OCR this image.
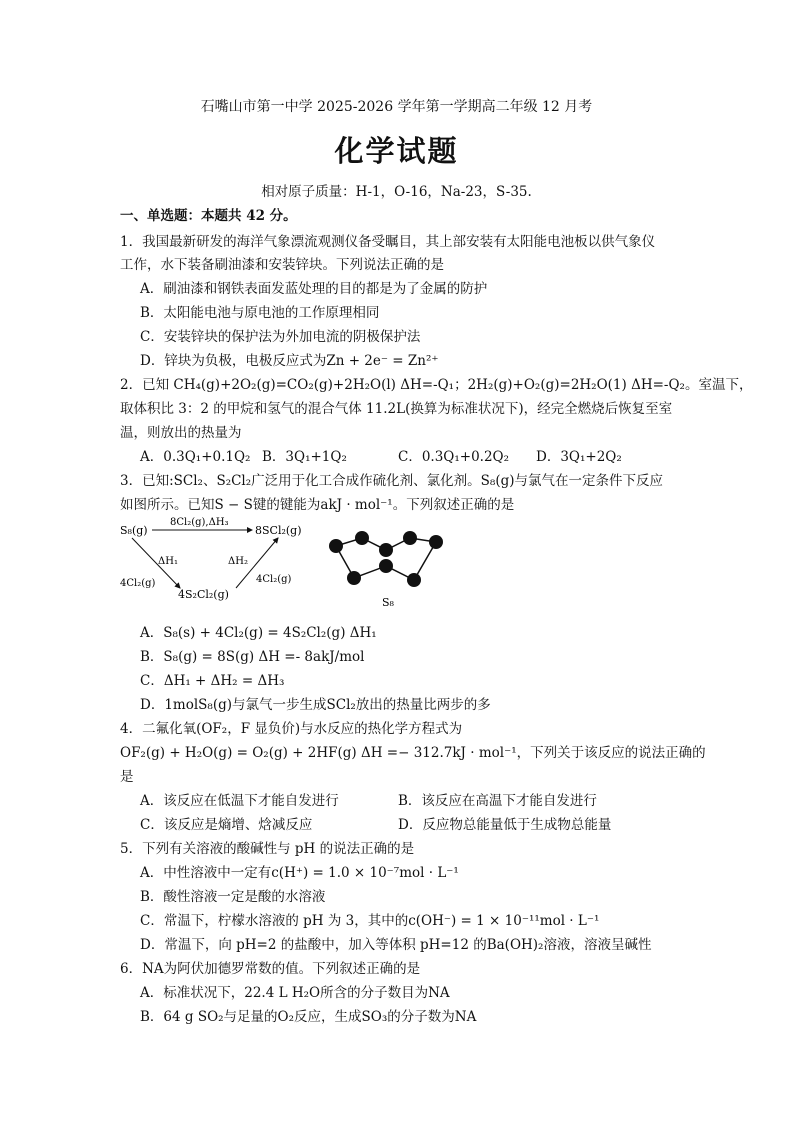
石嘴山市第一中学 2025-2026 学年第一学期高二年级 12 月考
化学试题
相对原子质量：H-1，O-16，Na-23，S-35.
一、单选题：本题共 42 分。
1．我国最新研发的海洋气象漂流观测仪备受瞩目，其上部安装有太阳能电池板以供气象仪
工作，水下装备刷油漆和安装锌块。下列说法正确的是
A．刷油漆和钢铁表面发蓝处理的目的都是为了金属的防护
B．太阳能电池与原电池的工作原理相同
C．安装锌块的保护法为外加电流的阴极保护法
D．锌块为负极，电极反应式为Zn + 2e⁻ = Zn²⁺
2．已知 CH₄(g)+2O₂(g)=CO₂(g)+2H₂O(l) ΔH=-Q₁；2H₂(g)+O₂(g)=2H₂O(1) ΔH=-Q₂。室温下，
取体积比 3：2 的甲烷和氢气的混合气体 11.2L(换算为标准状况下)，经完全燃烧后恢复至室
温，则放出的热量为
A．0.3Q₁+0.1Q₂ B．3Q₁+1Q₂	C．0.3Q₁+0.2Q₂ D．3Q₁+2Q₂
3．已知:SCl₂、S₂Cl₂广泛用于化工合成作硫化剂、氯化剂。S₈(g)与氯气在一定条件下反应
如图所示。已知S − S键的键能为akJ · mol⁻¹。下列叙述正确的是
S₈(g)
8Cl₂(g),ΔH₃
8SCl₂(g)
ΔH₁
4Cl₂(g)
4S₂Cl₂(g)
ΔH₂
4Cl₂(g)
S₈
A．S₈(s) + 4Cl₂(g) = 4S₂Cl₂(g) ΔH₁
B．S₈(g) = 8S(g) ΔH =- 8akJ/mol
C．ΔH₁ + ΔH₂ = ΔH₃
D．1molS₈(g)与氯气一步生成SCl₂放出的热量比两步的多
4．二氟化氧(OF₂，F 显负价)与水反应的热化学方程式为
OF₂(g) + H₂O(g) = O₂(g) + 2HF(g) ΔH =− 312.7kJ · mol⁻¹，下列关于该反应的说法正确的
是
A．该反应在低温下才能自发进行	B．该反应在高温下才能自发进行
C．该反应是熵增、焓减反应	D．反应物总能量低于生成物总能量
5．下列有关溶液的酸碱性与 pH 的说法正确的是
A．中性溶液中一定有c(H⁺) = 1.0 × 10⁻⁷mol · L⁻¹
B．酸性溶液一定是酸的水溶液
C．常温下，柠檬水溶液的 pH 为 3，其中的c(OH⁻) = 1 × 10⁻¹¹mol · L⁻¹
D．常温下，向 pH=2 的盐酸中，加入等体积 pH=12 的Ba(OH)₂溶液，溶液呈碱性
6．NA为阿伏加德罗常数的值。下列叙述正确的是
A．标准状况下，22.4 L H₂O所含的分子数目为NA
B．64 g SO₂与足量的O₂反应，生成SO₃的分子数为NA
